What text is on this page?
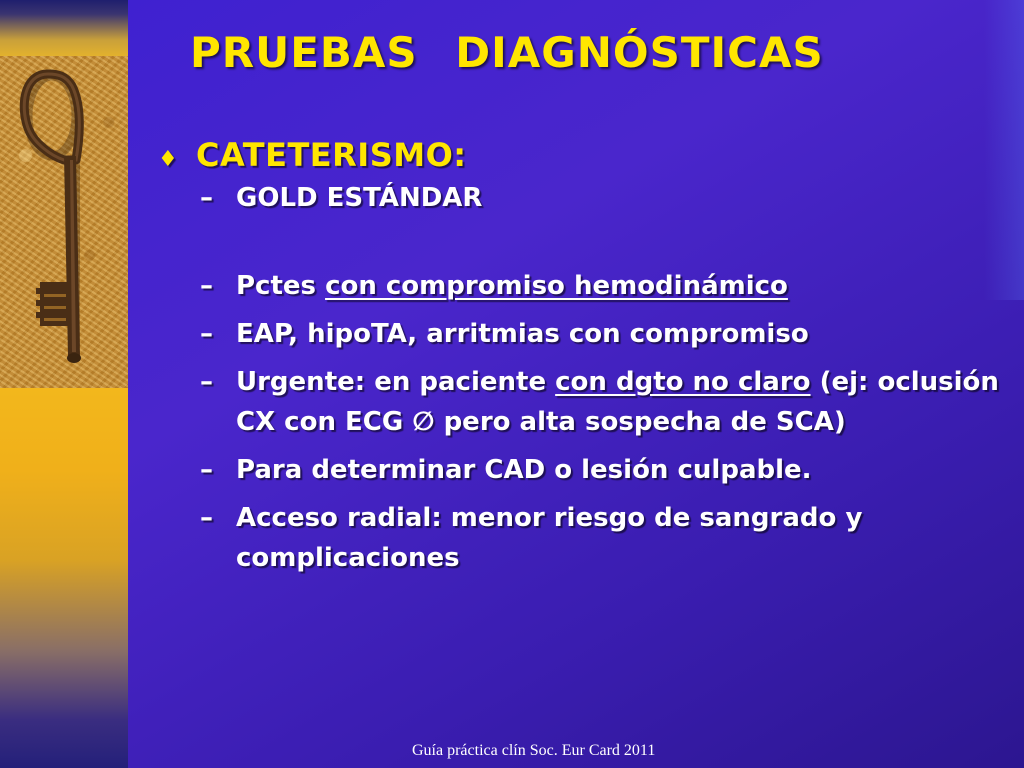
PRUEBAS DIAGNÓSTICAS
♦ CATETERISMO:
– GOLD ESTÁNDAR
– Pctes con compromiso hemodinámico
– EAP, hipoTA, arritmias con compromiso
– Urgente: en paciente con dgto no claro (ej: oclusión CX con ECG ∅ pero alta sospecha de SCA)
– Para determinar CAD o lesión culpable.
– Acceso radial: menor riesgo de sangrado y complicaciones
Guía práctica clín Soc. Eur Card 2011
